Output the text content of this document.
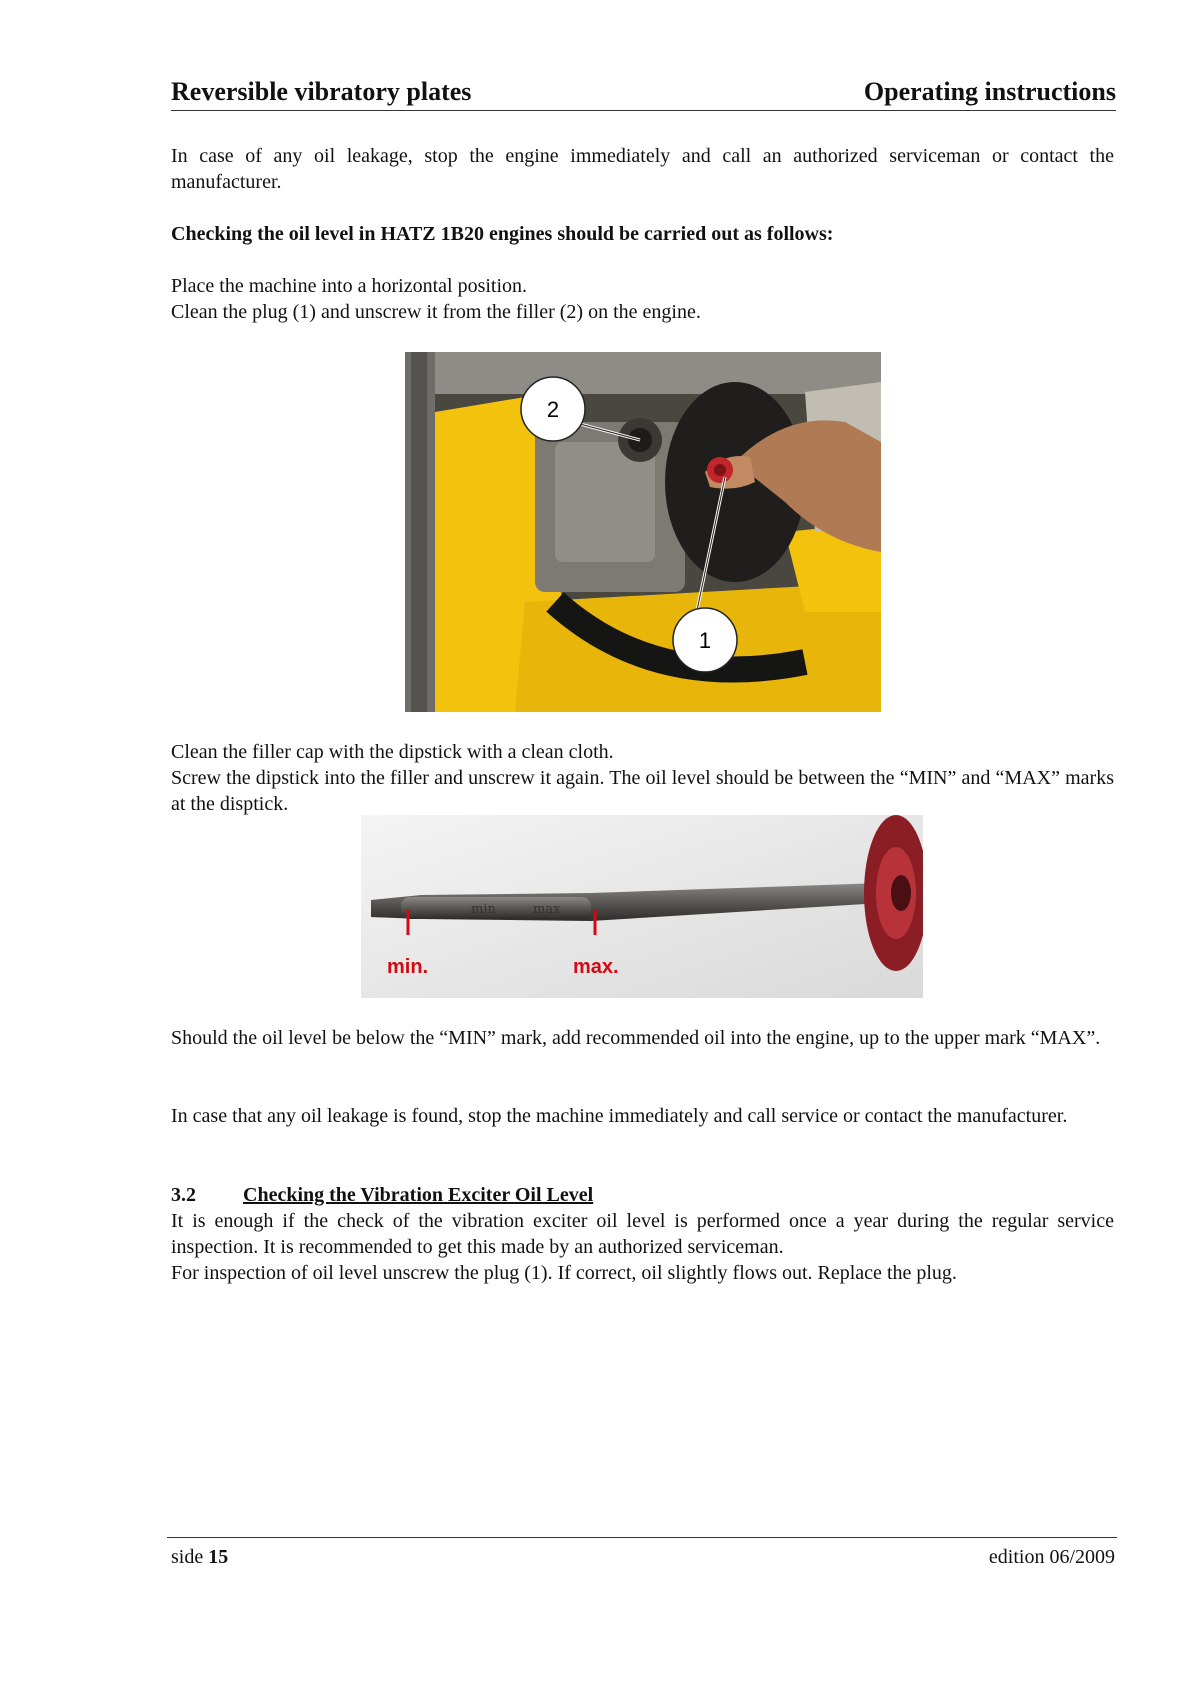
Reversible vibratory plates	Operating instructions

In case of any oil leakage, stop the engine immediately and call an authorized serviceman or contact the manufacturer.

Checking the oil level in HATZ 1B20 engines should be carried out as follows:

Place the machine into a horizontal position.
Clean the plug (1) and unscrew it from the filler (2) on the engine.

2
1

Clean the filler cap with the dipstick with a clean cloth.
Screw the dipstick into the filler and unscrew it again. The oil level should be between the “MIN” and “MAX” marks at the disptick.

min	max
min.	max.

Should the oil level be below the “MIN” mark, add recommended oil into the engine, up to the upper mark “MAX”.

In case that any oil leakage is found, stop the machine immediately and call service or contact the manufacturer.

3.2 Checking the Vibration Exciter Oil Level

It is enough if the check of the vibration exciter oil level is performed once a year during the regular service inspection. It is recommended to get this made by an authorized serviceman.
For inspection of oil level unscrew the plug (1). If correct, oil slightly flows out. Replace the plug.

side 15	edition 06/2009
